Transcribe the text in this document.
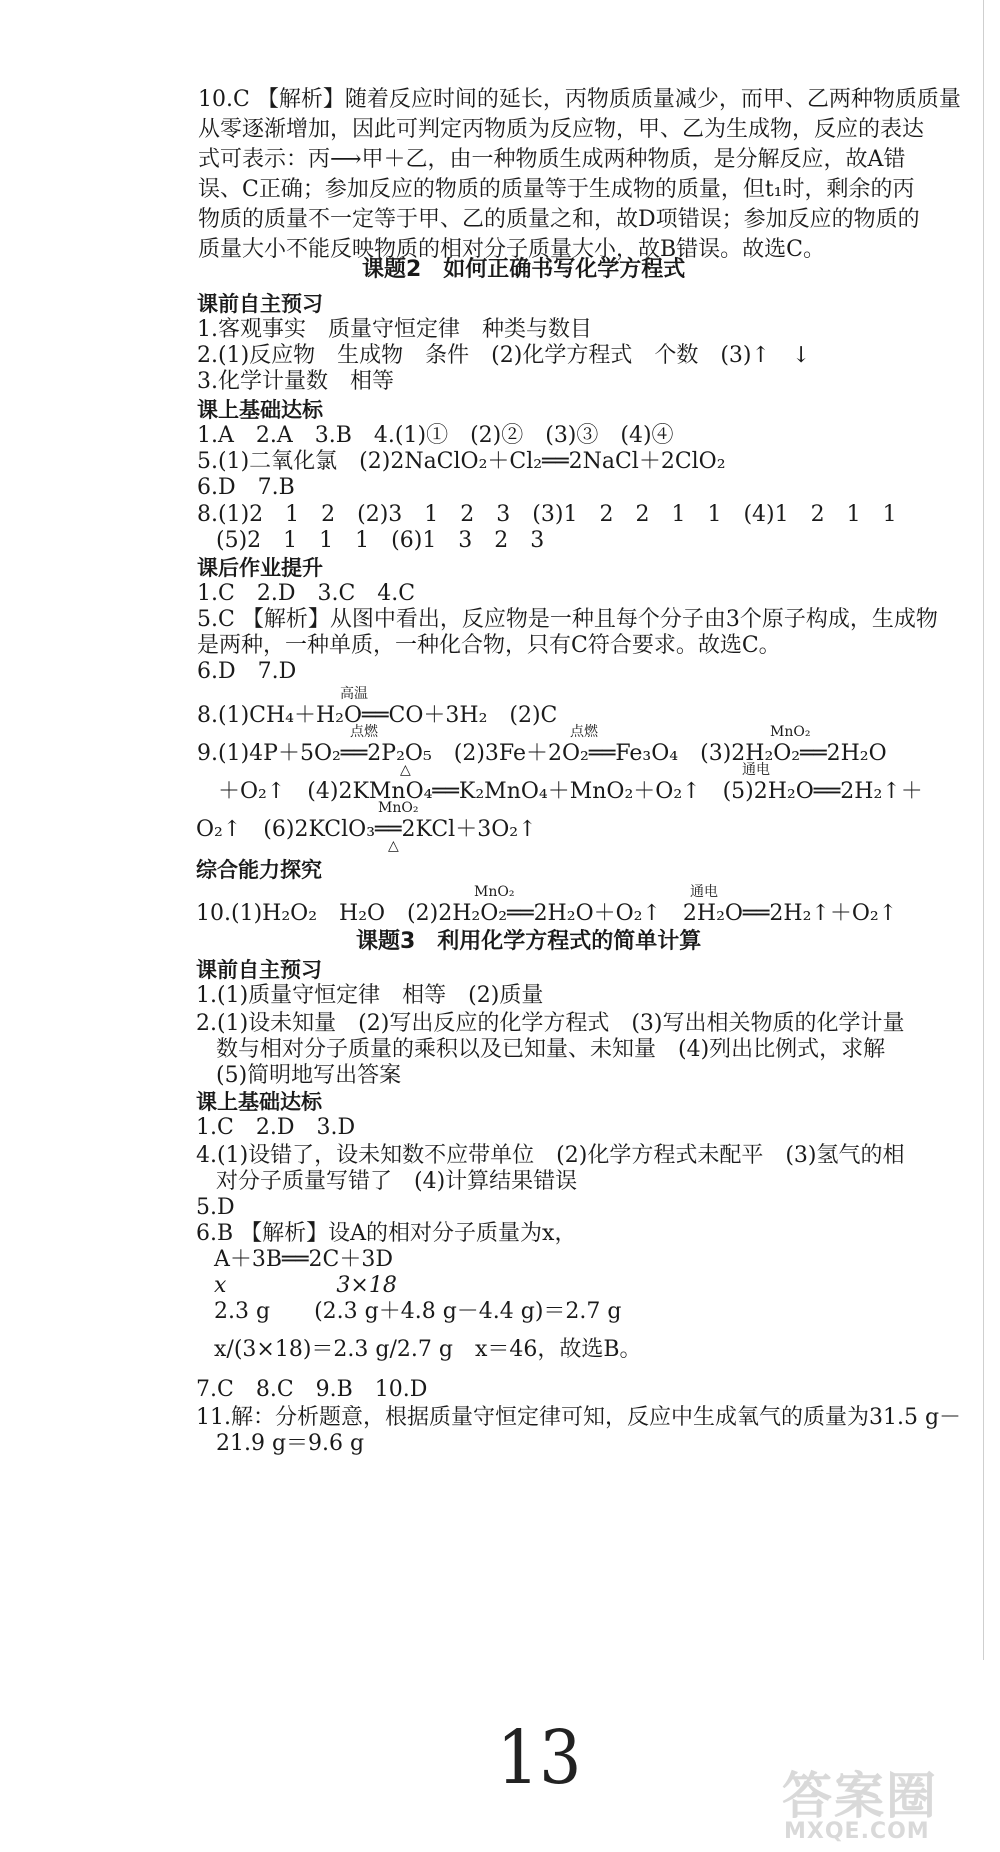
10.C 【解析】随着反应时间的延长，丙物质质量减少，而甲、乙两种物质质量
从零逐渐增加，因此可判定丙物质为反应物，甲、乙为生成物，反应的表达
式可表示：丙⟶甲＋乙，由一种物质生成两种物质，是分解反应，故A错
误、C正确；参加反应的物质的质量等于生成物的质量，但t₁时，剩余的丙
物质的质量不一定等于甲、乙的质量之和，故D项错误；参加反应的物质的
质量大小不能反映物质的相对分子质量大小，故B错误。故选C。
课题2　如何正确书写化学方程式
课前自主预习
1.客观事实　质量守恒定律　种类与数目
2.(1)反应物　生成物　条件　(2)化学方程式　个数　(3)↑　↓
3.化学计量数　相等
课上基础达标
1.A　2.A　3.B　4.(1)①　(2)②　(3)③　(4)④
5.(1)二氧化氯　(2)2NaClO₂＋Cl₂══2NaCl＋2ClO₂
6.D　7.B
8.(1)2　1　2　(2)3　1　2　3　(3)1　2　2　1　1　(4)1　2　1　1
(5)2　1　1　1　(6)1　3　2　3
课后作业提升
1.C　2.D　3.C　4.C
5.C 【解析】从图中看出，反应物是一种且每个分子由3个原子构成，生成物
是两种，一种单质，一种化合物，只有C符合要求。故选C。
6.D　7.D
高温
8.(1)CH₄＋H₂O══CO＋3H₂　(2)C
点燃	点燃	MnO₂
9.(1)4P＋5O₂══2P₂O₅　(2)3Fe＋2O₂══Fe₃O₄　(3)2H₂O₂══2H₂O
△	通电
＋O₂↑　(4)2KMnO₄══K₂MnO₄＋MnO₂＋O₂↑　(5)2H₂O══2H₂↑＋
MnO₂
O₂↑　(6)2KClO₃══2KCl＋3O₂↑
△
综合能力探究
MnO₂	通电
10.(1)H₂O₂　H₂O　(2)2H₂O₂══2H₂O＋O₂↑　2H₂O══2H₂↑＋O₂↑
课题3　利用化学方程式的简单计算
课前自主预习
1.(1)质量守恒定律　相等　(2)质量
2.(1)设未知量　(2)写出反应的化学方程式　(3)写出相关物质的化学计量
数与相对分子质量的乘积以及已知量、未知量　(4)列出比例式，求解
(5)简明地写出答案
课上基础达标
1.C　2.D　3.D
4.(1)设错了，设未知数不应带单位　(2)化学方程式未配平　(3)氢气的相
对分子质量写错了　(4)计算结果错误
5.D
6.B 【解析】设A的相对分子质量为x，
A＋3B══2C＋3D
x　　　　　3×18
2.3 g　　(2.3 g＋4.8 g－4.4 g)＝2.7 g
x/(3×18)＝2.3 g/2.7 g　x＝46，故选B。
7.C　8.C　9.B　10.D
11.解：分析题意，根据质量守恒定律可知，反应中生成氧气的质量为31.5 g－
21.9 g＝9.6 g
13	答案圈
MXQE.COM
